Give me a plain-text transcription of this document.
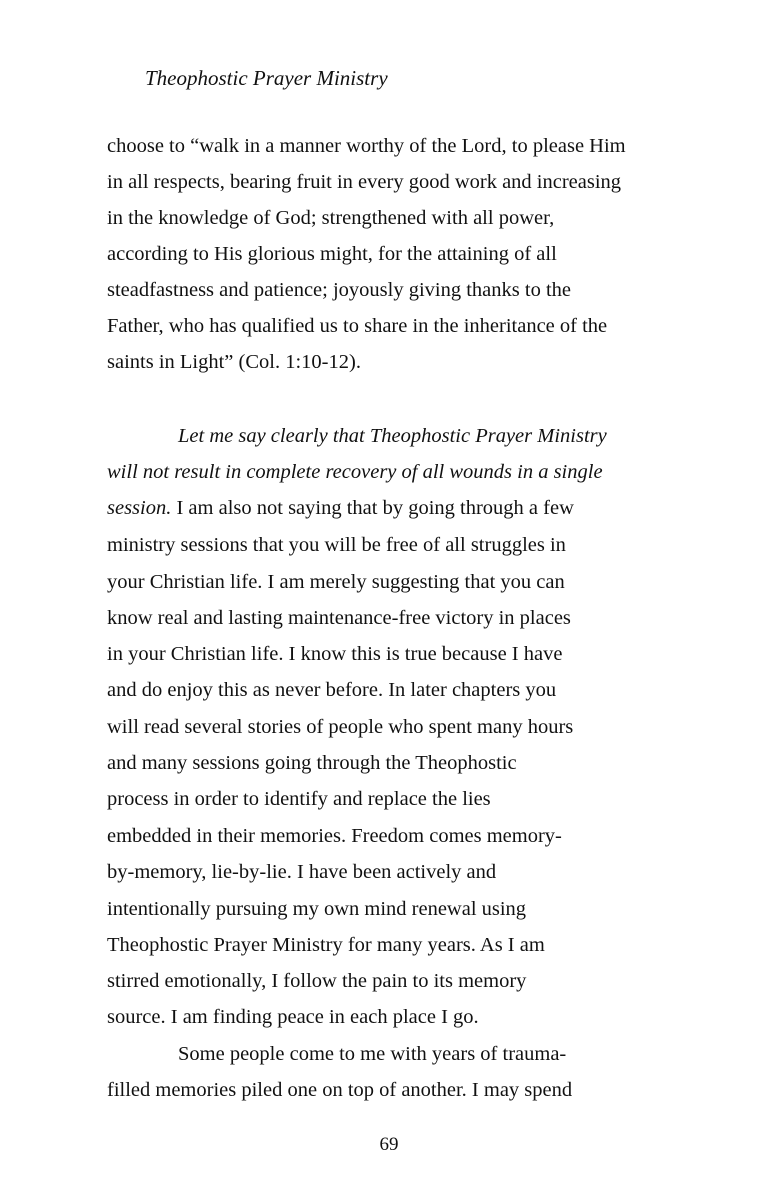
Theophostic Prayer Ministry
choose to “walk in a manner worthy of the Lord, to please Him
in all respects, bearing fruit in every good work and increasing
in the knowledge of God; strengthened with all power,
according to His glorious might, for the attaining of all
steadfastness and patience; joyously giving thanks to the
Father, who has qualified us to share in the inheritance of the
saints in Light” (Col. 1:10-12).
Let me say clearly that Theophostic Prayer Ministry
will not result in complete recovery of all wounds in a single
session. I am also not saying that by going through a few
ministry sessions that you will be free of all struggles in
your Christian life. I am merely suggesting that you can
know real and lasting maintenance-free victory in places
in your Christian life. I know this is true because I have
and do enjoy this as never before. In later chapters you
will read several stories of people who spent many hours
and many sessions going through the Theophostic
process in order to identify and replace the lies
embedded in their memories. Freedom comes memory-
by-memory, lie-by-lie. I have been actively and
intentionally pursuing my own mind renewal using
Theophostic Prayer Ministry for many years. As I am
stirred emotionally, I follow the pain to its memory
source. I am finding peace in each place I go.
Some people come to me with years of trauma-
filled memories piled one on top of another. I may spend
69
